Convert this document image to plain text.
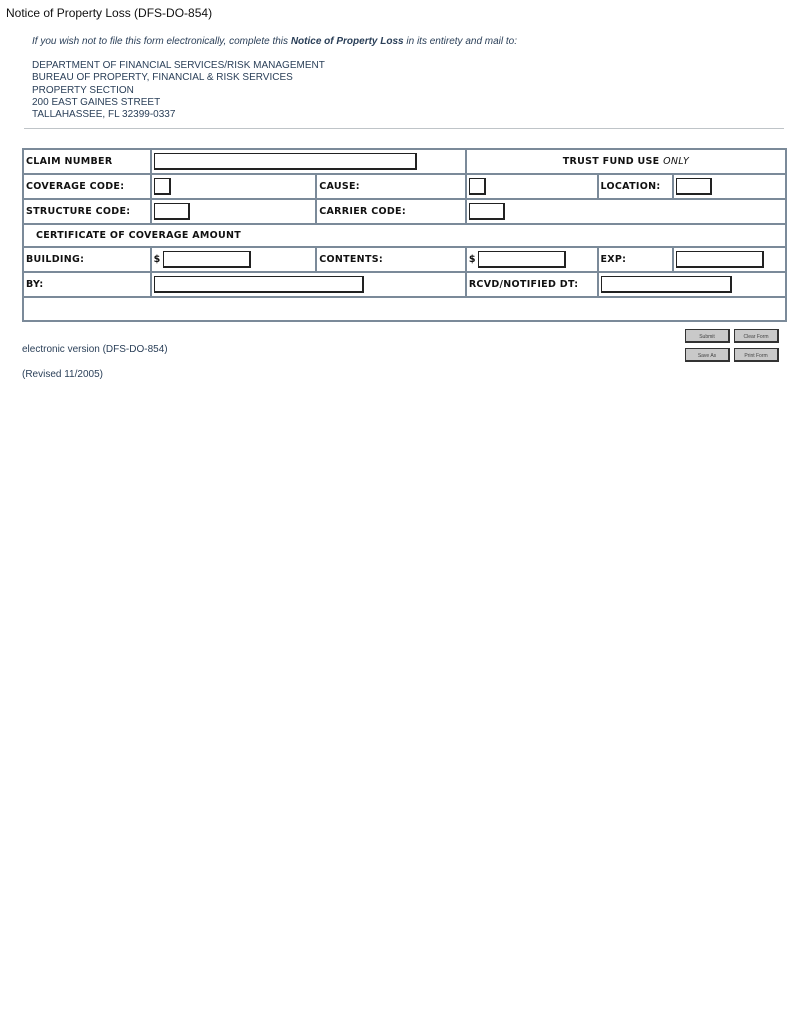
Notice of Property Loss (DFS-DO-854)
If you wish not to file this form electronically, complete this Notice of Property Loss in its entirety and mail to:
DEPARTMENT OF FINANCIAL SERVICES/RISK MANAGEMENT
BUREAU OF PROPERTY, FINANCIAL & RISK SERVICES
PROPERTY SECTION
200 EAST GAINES STREET
TALLAHASSEE, FL 32399-0337
CLAIM NUMBER			TRUST FUND USE ONLY		
COVERAGE CODE:		CAUSE:		LOCATION:	
STRUCTURE CODE:		CARRIER CODE:	
CERTIFICATE OF COVERAGE AMOUNT					
BUILDING:	$	CONTENTS:	$	EXP:	
BY:			RCVD/NOTIFIED DT:	

Submit	Clear Form
Save As	Print Form
electronic version (DFS-DO-854)
(Revised 11/2005)
